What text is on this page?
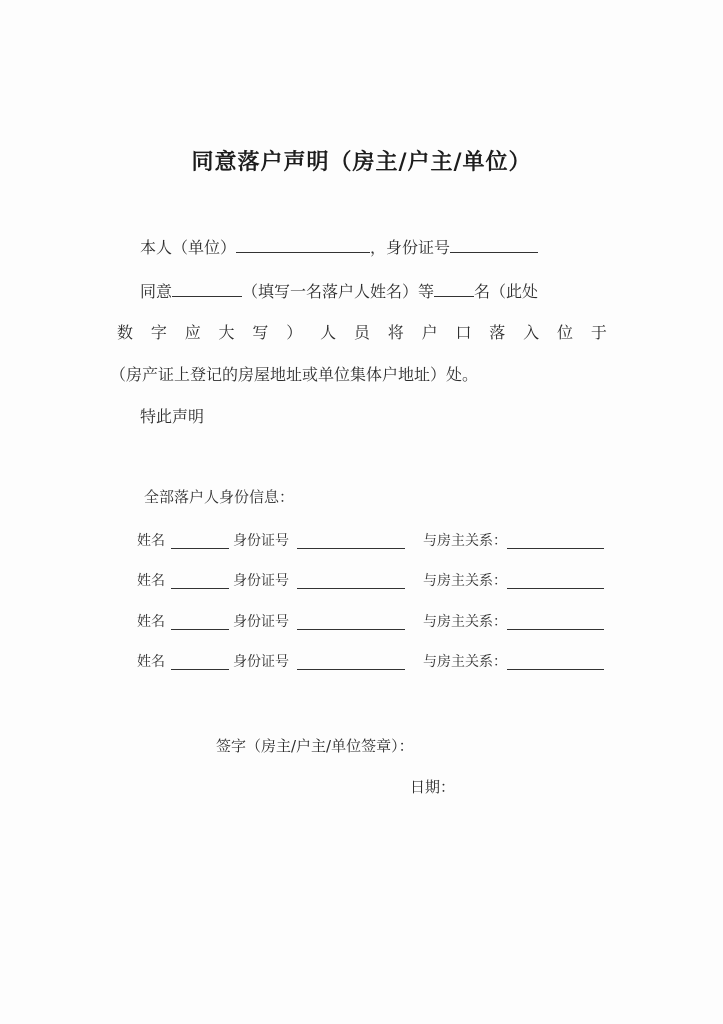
同意落户声明（房主/户主/单位）
本人（单位）	，身份证号
同意	（填写一名落户人姓名）等	名（此处
数 字 应 大 写 ） 人 员 将 户 口 落 入 位 于
（房产证上登记的房屋地址或单位集体户地址）处。
特此声明
全部落户人身份信息：
姓名	身份证号	与房主关系：
姓名	身份证号	与房主关系：
姓名	身份证号	与房主关系：
姓名	身份证号	与房主关系：
签字（房主/户主/单位签章）：
日期：
